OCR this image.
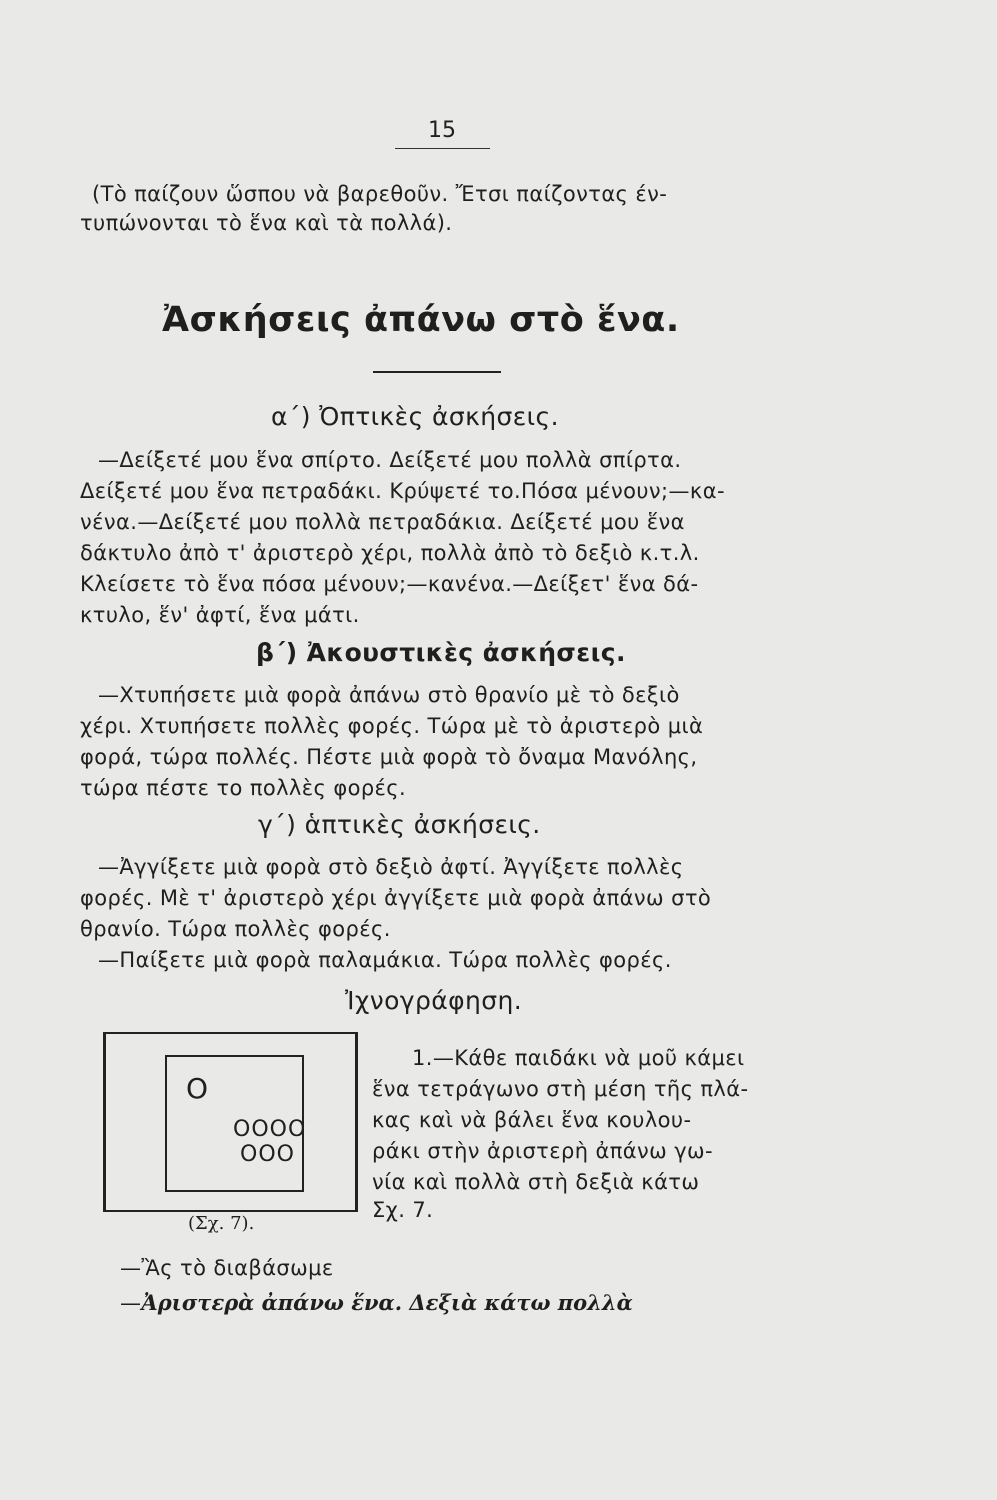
15
(Τὸ παίζουν ὥσπου νὰ βαρεθοῦν. Ἔτσι παίζοντας έν-
τυπώνονται τὸ ἕνα καὶ τὰ πολλά).
Ἀσκήσεις ἀπάνω στὸ ἕνα.
α΄) Ὀπτικὲς ἀσκήσεις.
—Δείξετέ μου ἕνα σπίρτο. Δείξετέ μου πολλὰ σπίρτα.
Δείξετέ μου ἕνα πετραδάκι. Κρύψετέ το.Πόσα μένουν;—κα-
νένα.—Δείξετέ μου πολλὰ πετραδάκια. Δείξετέ μου ἕνα
δάκτυλο ἀπὸ τ' ἀριστερὸ χέρι, πολλὰ ἀπὸ τὸ δεξιὸ κ.τ.λ.
Κλείσετε τὸ ἕνα πόσα μένουν;—κανένα.—Δείξετ' ἕνα δά-
κτυλο, ἕν' ἀφτί, ἕνα μάτι.
β΄) Ἀκουστικὲς ἀσκήσεις.
—Χτυπήσετε μιὰ φορὰ ἀπάνω στὸ θρανίο μὲ τὸ δεξιὸ
χέρι. Χτυπήσετε πολλὲς φορές. Τώρα μὲ τὸ ἀριστερὸ μιὰ
φορά, τώρα πολλές. Πέστε μιὰ φορὰ τὸ ὄναμα Μανόλης,
τώρα πέστε το πολλὲς φορές.
γ΄) ἁπτικὲς ἀσκήσεις.
—Ἀγγίξετε μιὰ φορὰ στὸ δεξιὸ ἀφτί. Ἀγγίξετε πολλὲς
φορές. Μὲ τ' ἀριστερὸ χέρι ἀγγίξετε μιὰ φορὰ ἀπάνω στὸ
θρανίο. Τώρα πολλὲς φορές.
—Παίξετε μιὰ φορὰ παλαμάκια. Τώρα πολλὲς φορές.
Ἰχνογράφηση.
O
OOOO
OOO
(Σχ. 7).
1.—Κάθε παιδάκι νὰ μοῦ κάμει
ἕνα τετράγωνο στὴ μέση τῆς πλά-
κας καὶ νὰ βάλει ἕνα κουλου-
ράκι στὴν ἀριστερὴ ἀπάνω γω-
νία καὶ πολλὰ στὴ δεξιὰ κάτω
Σχ. 7.
—Ἂς τὸ διαβάσωμε
—Ἀριστερὰ ἀπάνω ἕνα. Δεξιὰ κάτω πολλὰ
